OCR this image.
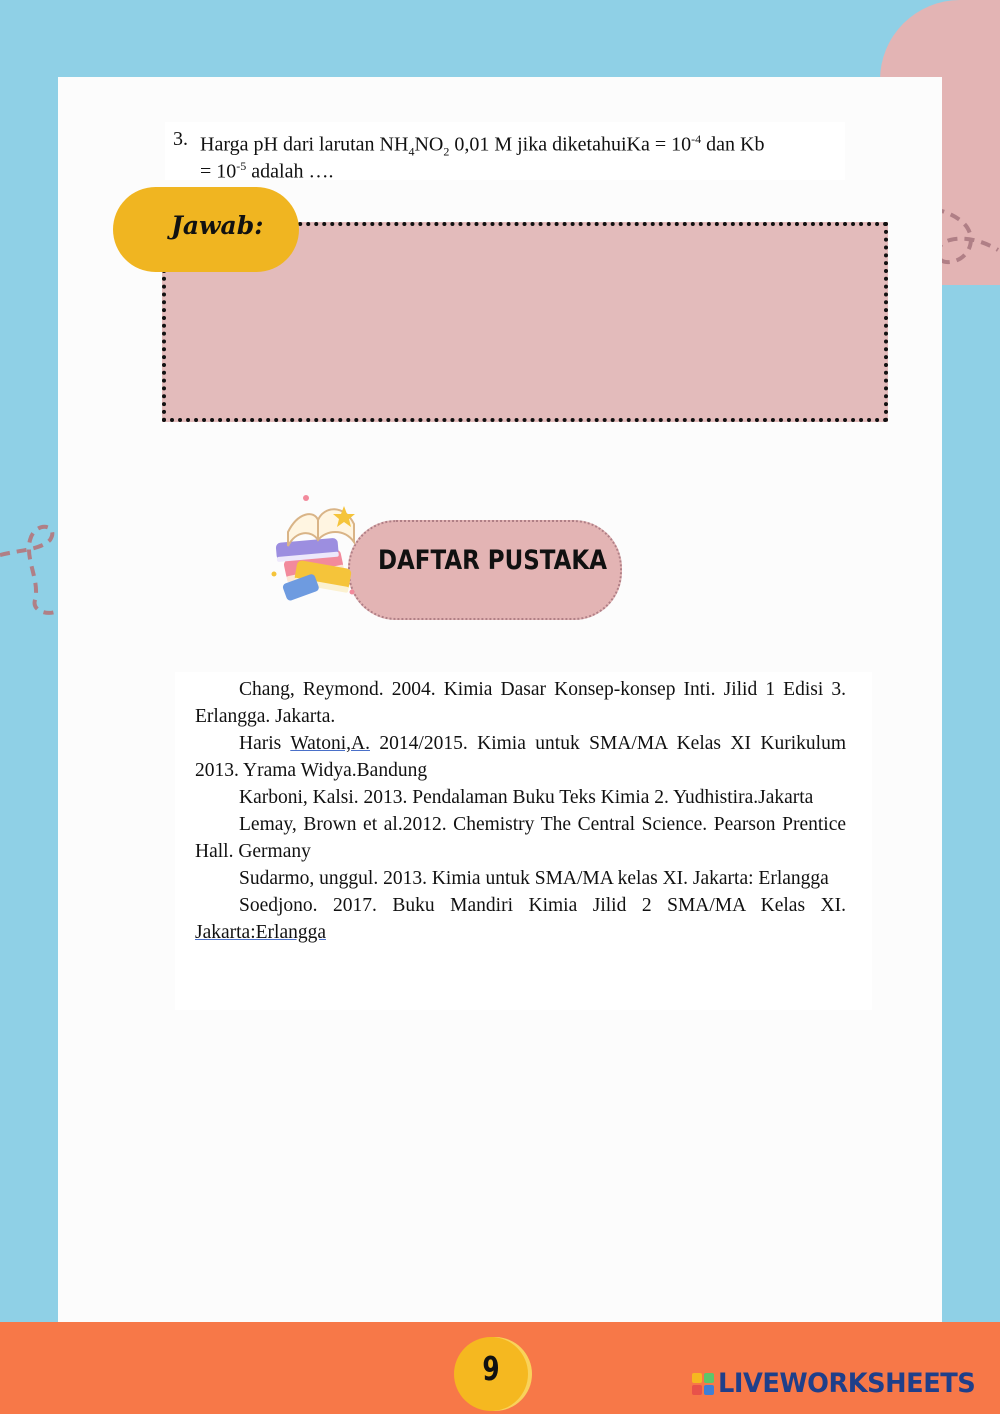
3. Harga pH dari larutan $NH_4NO_2$ 0,01 M jika diketahuiKa = $10^{-4}$ dan Kb
= $10^{-5}$ adalah ….
Jawab:
DAFTAR PUSTAKA

Chang, Reymond. 2004. Kimia Dasar Konsep-konsep Inti. Jilid 1 Edisi 3. Erlangga. Jakarta.

Haris Watoni,A. 2014/2015. Kimia untuk SMA/MA Kelas XI Kurikulum 2013. Yrama Widya.Bandung

Karboni, Kalsi. 2013. Pendalaman Buku Teks Kimia 2. Yudhistira.Jakarta

Lemay, Brown et al.2012. Chemistry The Central Science. Pearson Prentice Hall. Germany

Sudarmo, unggul. 2013. Kimia untuk SMA/MA kelas XI. Jakarta: Erlangga

Soedjono. 2017. Buku Mandiri Kimia Jilid 2 SMA/MA Kelas XI. Jakarta:Erlangga

9	LIVEWORKSHEETS
